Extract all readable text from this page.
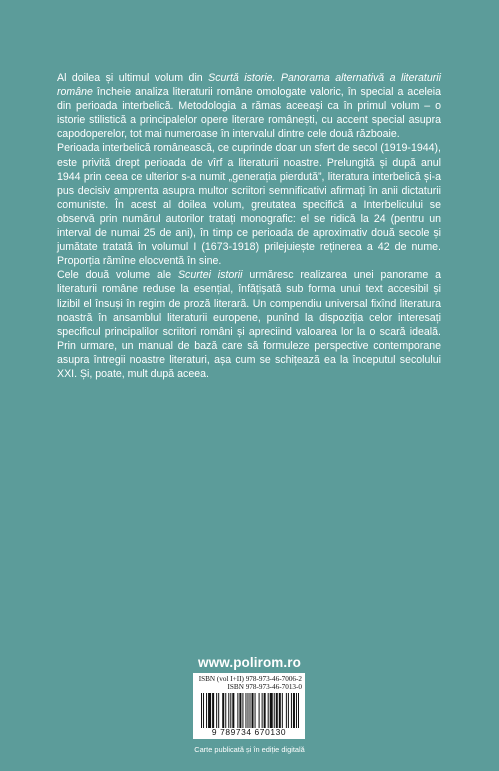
Al doilea și ultimul volum din Scurtă istorie. Panorama alternativă a literaturii române încheie analiza literaturii române omologate valoric, în special a aceleia din perioada interbelică. Metodologia a rămas aceeași ca în primul volum – o istorie stilistică a principalelor opere literare românești, cu accent special asupra capodoperelor, tot mai numeroase în intervalul dintre cele două războaie.

Perioada interbelică românească, ce cuprinde doar un sfert de secol (1919-1944), este privită drept perioada de vîrf a literaturii noastre. Prelungită și după anul 1944 prin ceea ce ulterior s-a numit „generația pierdută”, literatura interbelică și-a pus decisiv amprenta asupra multor scriitori semnificativi afirmați în anii dictaturii comuniste. În acest al doilea volum, greutatea specifică a Interbelicului se observă prin numărul autorilor tratați monografic: el se ridică la 24 (pentru un interval de numai 25 de ani), în timp ce perioada de aproximativ două secole și jumătate tratată în volumul I (1673-1918) prilejuiește reținerea a 42 de nume. Proporția rămîne elocventă în sine.

Cele două volume ale Scurtei istorii urmăresc realizarea unei panorame a literaturii române reduse la esențial, înfățișată sub forma unui text accesibil și lizibil el însuși în regim de proză literară. Un compendiu universal fixînd literatura noastră în ansamblul literaturii europene, punînd la dispoziția celor interesați specificul principalilor scriitori români și apreciind valoarea lor la o scară ideală. Prin urmare, un manual de bază care să formuleze perspective contemporane asupra întregii noastre literaturi, așa cum se schițează ea la începutul secolului XXI. Și, poate, mult după aceea.

www.polirom.ro
ISBN (vol I+II) 978-973-46-7006-2
ISBN 978-973-46-7013-0
9 789734 670130
Carte publicată și în ediție digitală
